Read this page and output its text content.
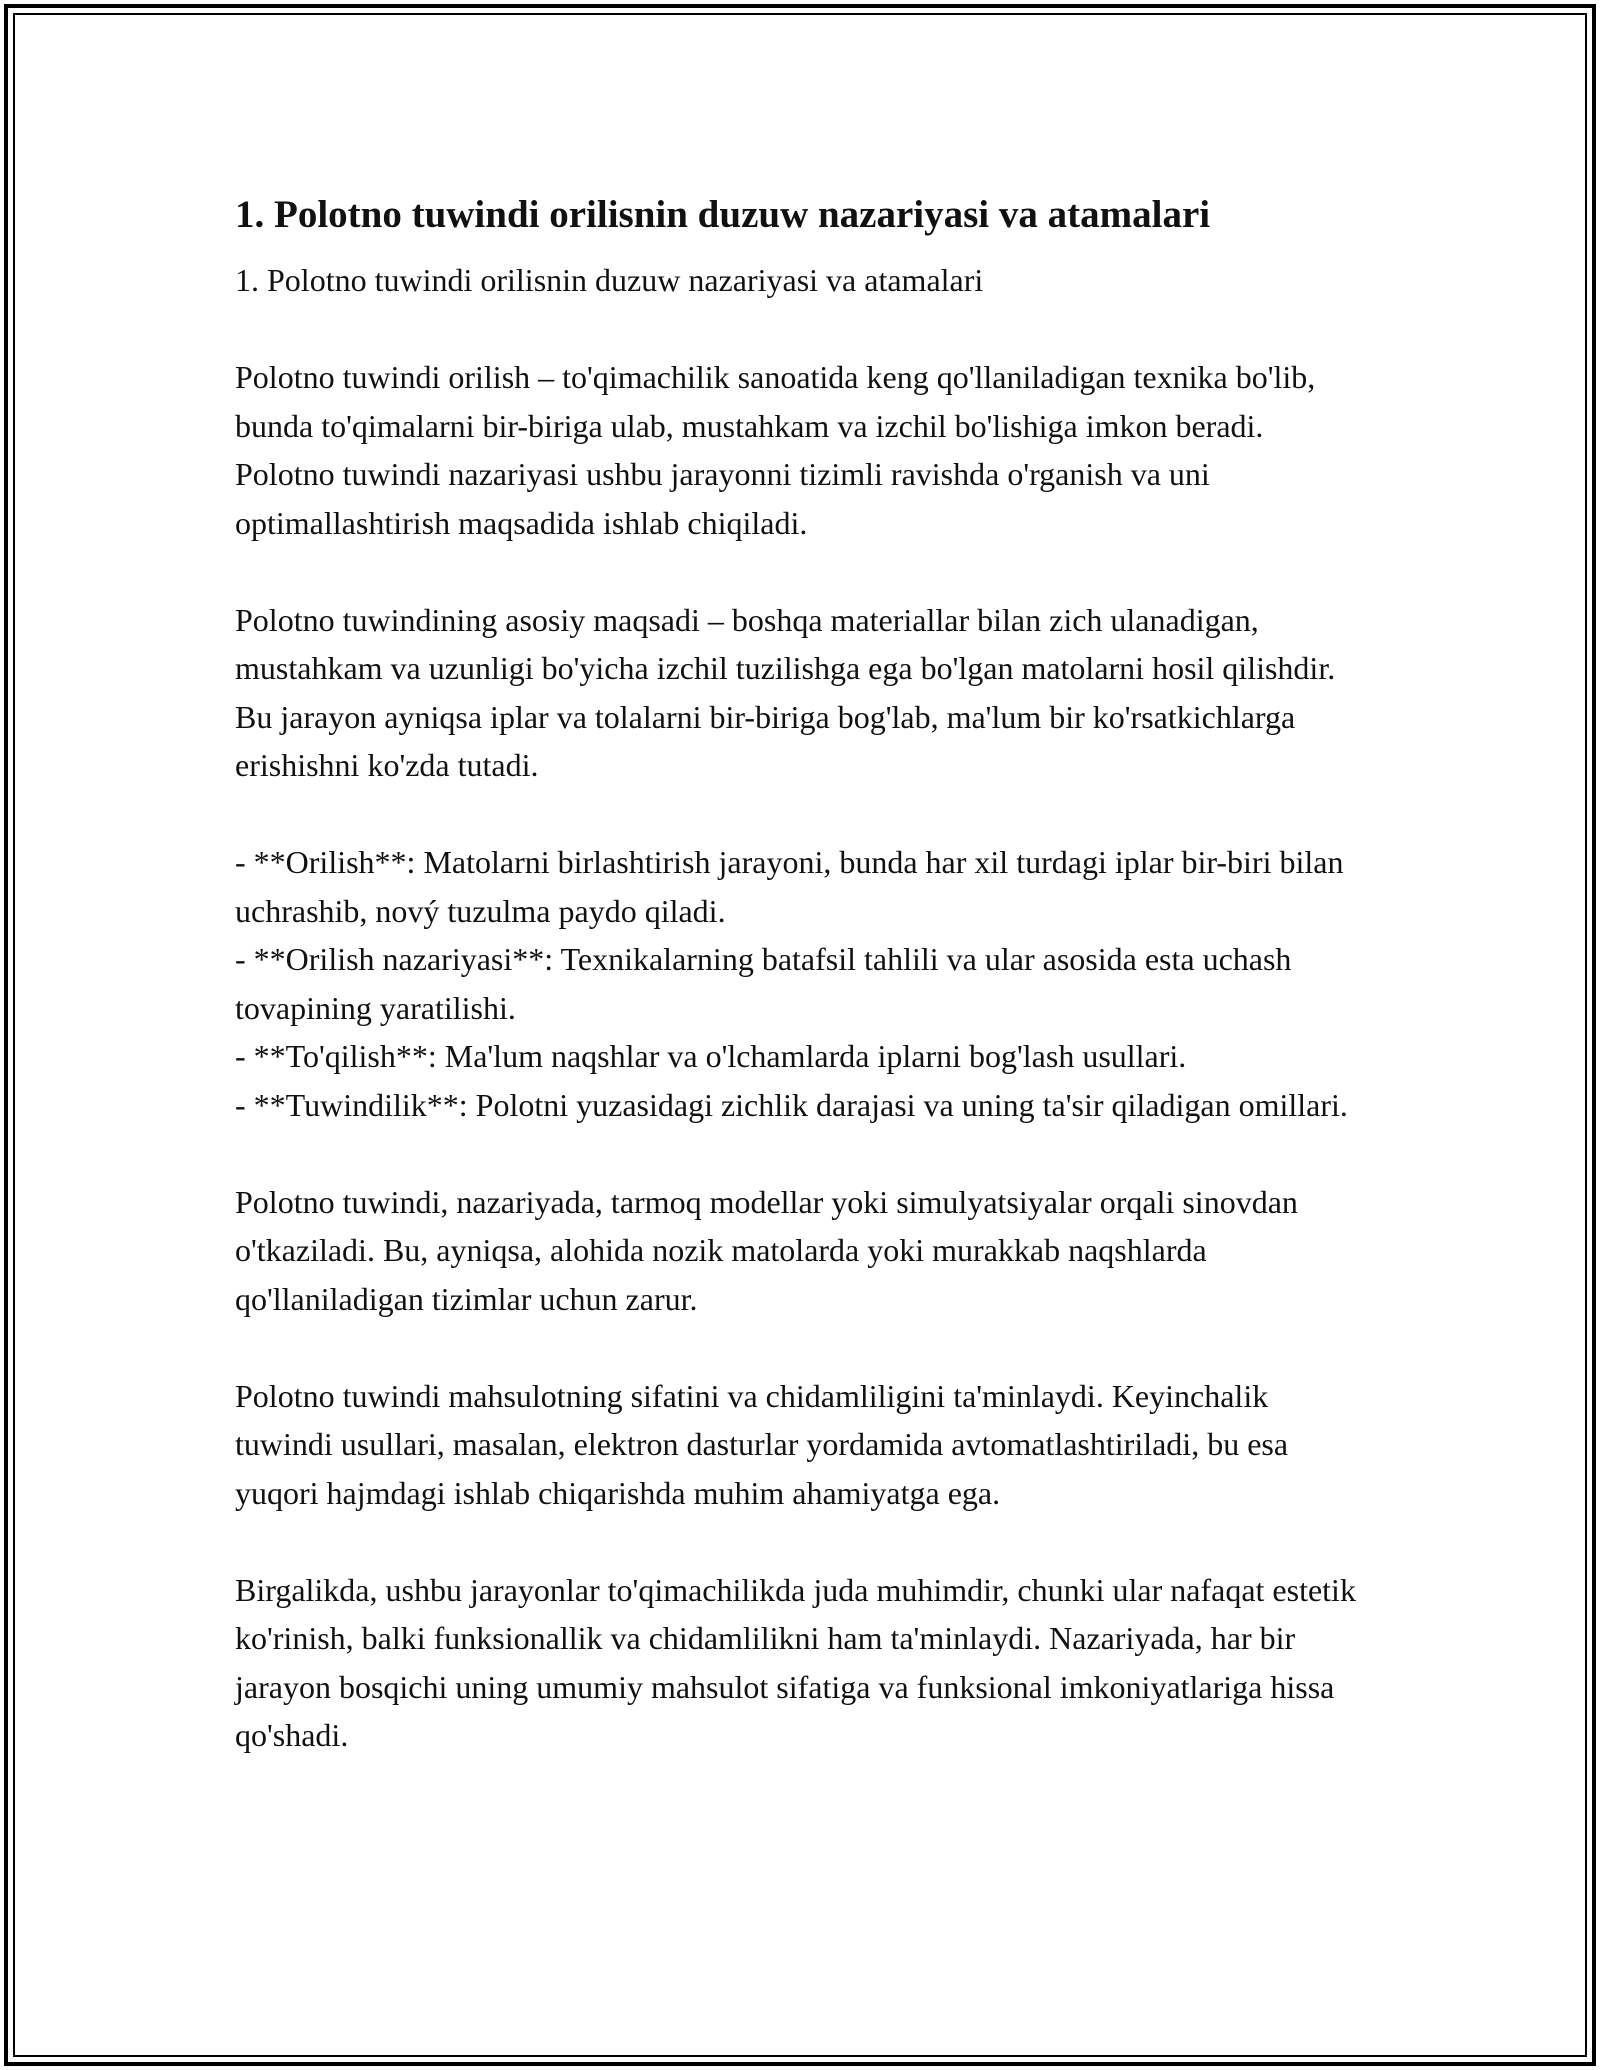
1. Polotno tuwindi orilisnin duzuw nazariyasi va atamalari

1. Polotno tuwindi orilisnin duzuw nazariyasi va atamalari

Polotno tuwindi orilish – to'qimachilik sanoatida keng qo'llaniladigan texnika bo'lib, bunda to'qimalarni bir-biriga ulab, mustahkam va izchil bo'lishiga imkon beradi. Polotno tuwindi nazariyasi ushbu jarayonni tizimli ravishda o'rganish va uni optimallashtirish maqsadida ishlab chiqiladi.

Polotno tuwindining asosiy maqsadi – boshqa materiallar bilan zich ulanadigan, mustahkam va uzunligi bo'yicha izchil tuzilishga ega bo'lgan matolarni hosil qilishdir. Bu jarayon ayniqsa iplar va tolalarni bir-biriga bog'lab, ma'lum bir ko'rsatkichlarga erishishni ko'zda tutadi.

- **Orilish**: Matolarni birlashtirish jarayoni, bunda har xil turdagi iplar bir-biri bilan uchrashib, nový tuzulma paydo qiladi.

- **Orilish nazariyasi**: Texnikalarning batafsil tahlili va ular asosida esta uchash tovapining yaratilishi.

- **To'qilish**: Ma'lum naqshlar va o'lchamlarda iplarni bog'lash usullari.

- **Tuwindilik**: Polotni yuzasidagi zichlik darajasi va uning ta'sir qiladigan omillari.

Polotno tuwindi, nazariyada, tarmoq modellar yoki simulyatsiyalar orqali sinovdan o'tkaziladi. Bu, ayniqsa, alohida nozik matolarda yoki murakkab naqshlarda qo'llaniladigan tizimlar uchun zarur.

Polotno tuwindi mahsulotning sifatini va chidamliligini ta'minlaydi. Keyinchalik tuwindi usullari, masalan, elektron dasturlar yordamida avtomatlashtiriladi, bu esa yuqori hajmdagi ishlab chiqarishda muhim ahamiyatga ega.

Birgalikda, ushbu jarayonlar to'qimachilikda juda muhimdir, chunki ular nafaqat estetik ko'rinish, balki funksionallik va chidamlilikni ham ta'minlaydi. Nazariyada, har bir jarayon bosqichi uning umumiy mahsulot sifatiga va funksional imkoniyatlariga hissa qo'shadi.
